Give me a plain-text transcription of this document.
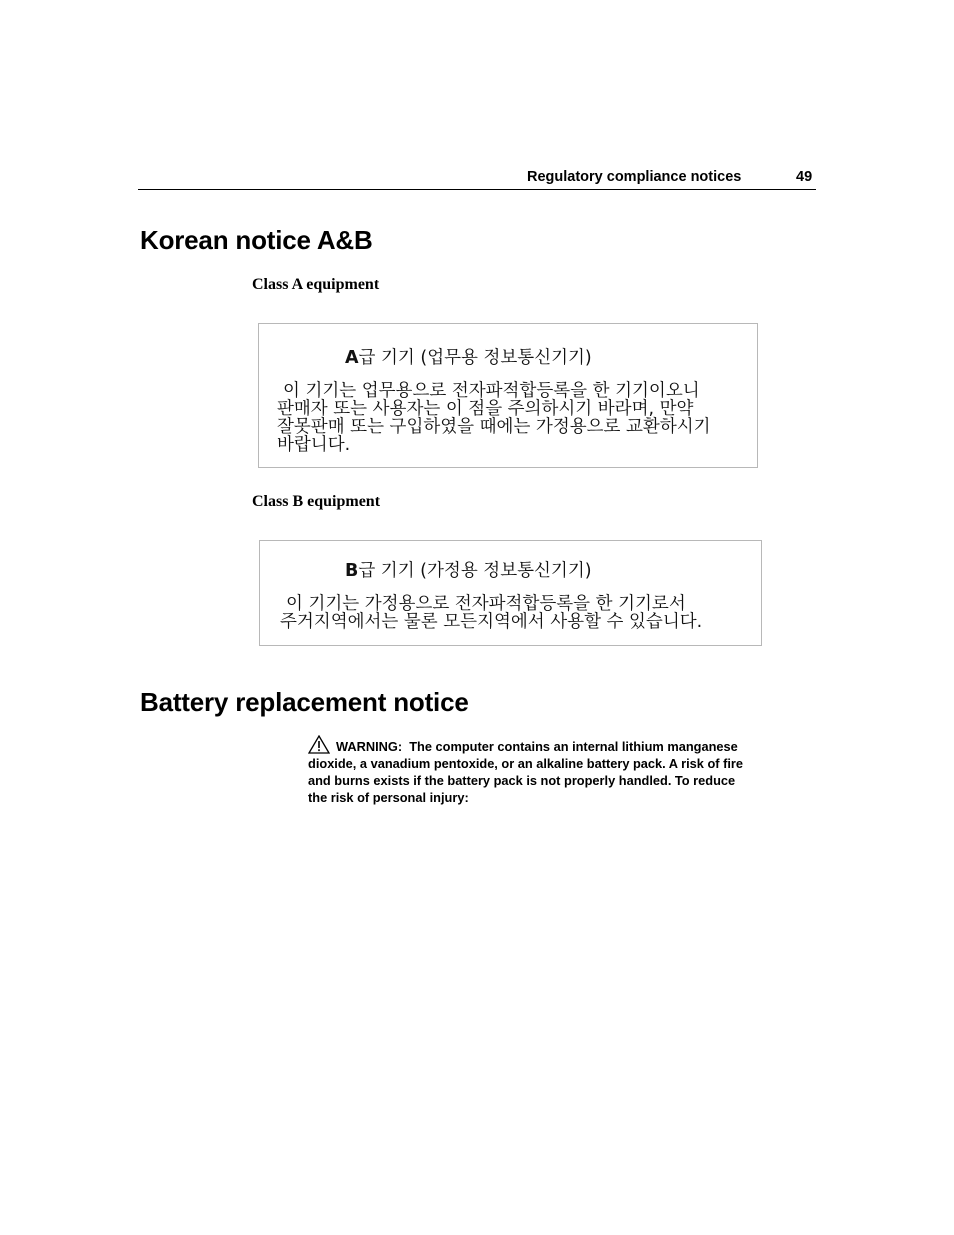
Regulatory compliance notices	49
Korean notice A&B
Class A equipment
A급 기기 (업무용 정보통신기기)
이 기기는 업무용으로 전자파적합등록을 한 기기이오니
판매자 또는 사용자는 이 점을 주의하시기 바라며, 만약
잘못판매 또는 구입하였을 때에는 가정용으로 교환하시기
바랍니다.
Class B equipment
B급 기기 (가정용 정보통신기기)
이 기기는 가정용으로 전자파적합등록을 한 기기로서
주거지역에서는 물론 모든지역에서 사용할 수 있습니다.
Battery replacement notice

WARNING: The computer contains an internal lithium manganese dioxide, a vanadium pentoxide, or an alkaline battery pack. A risk of fire and burns exists if the battery pack is not properly handled. To reduce the risk of personal injury:
